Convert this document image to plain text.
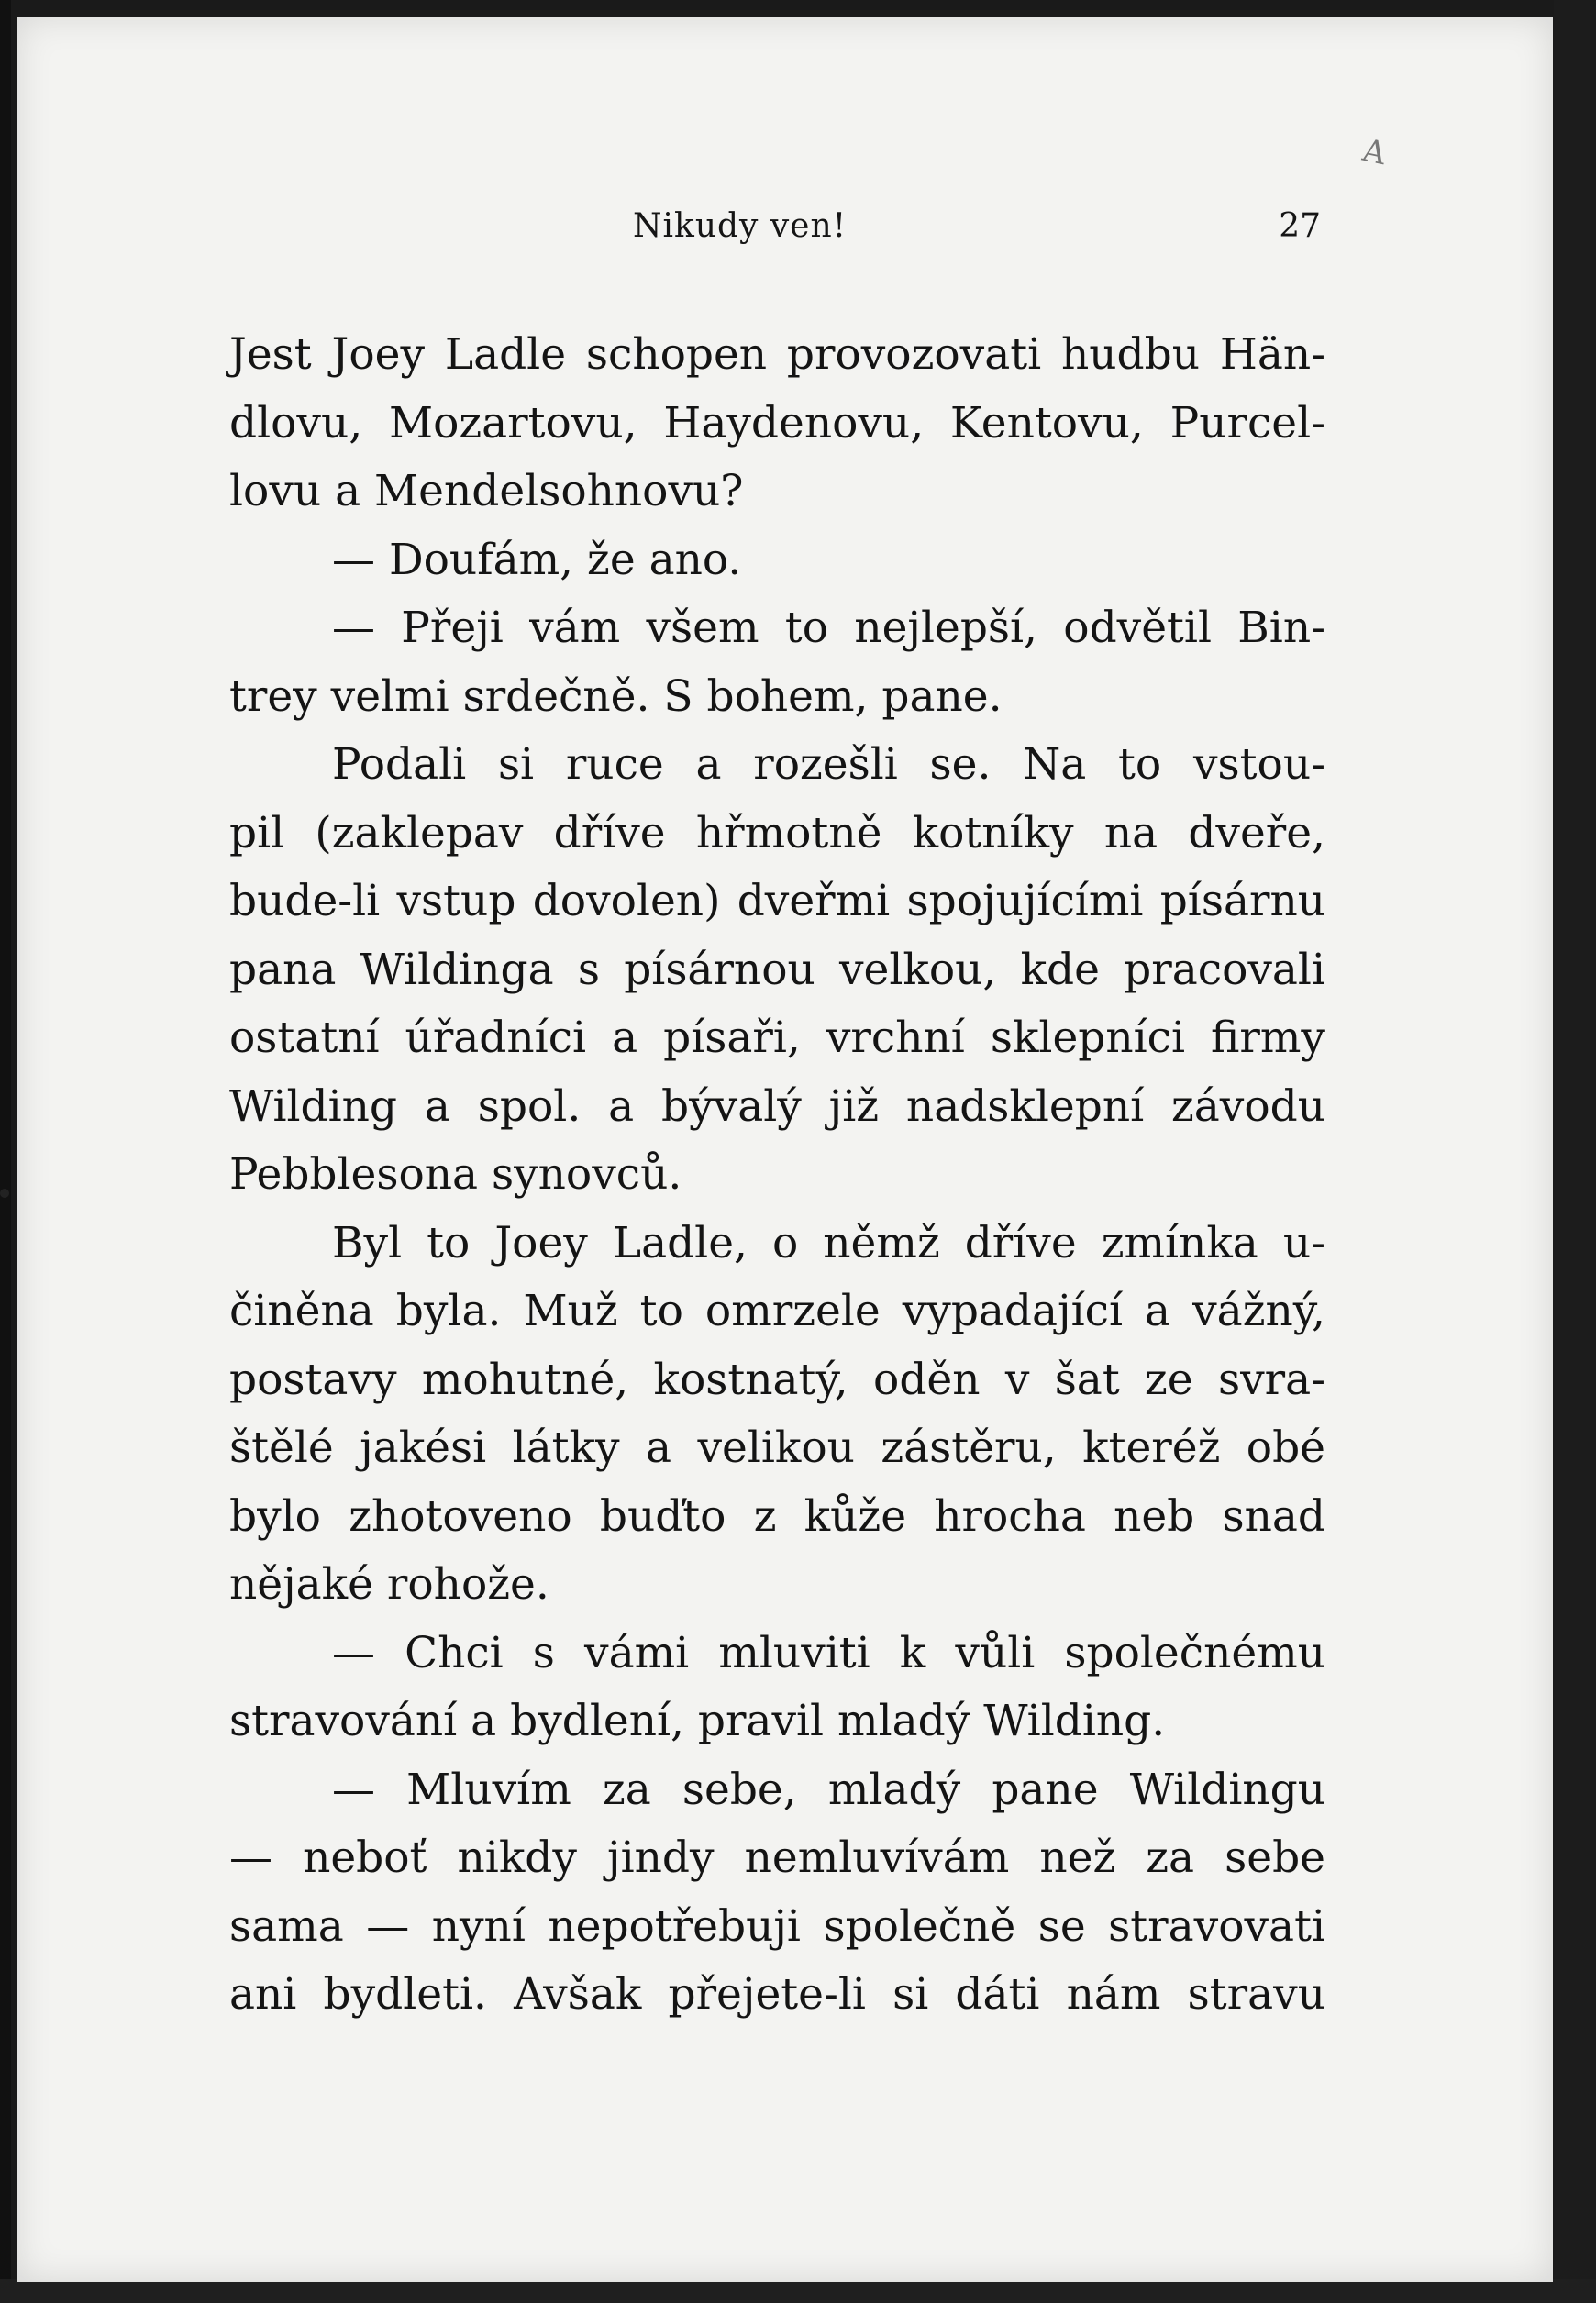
A
Nikudy ven!	27
Jest Joey Ladle schopen provozovati hudbu Hän-
dlovu, Mozartovu, Haydenovu, Kentovu, Purcel-
lovu a Mendelsohnovu?
— Doufám, že ano.
— Přeji vám všem to nejlepší, odvětil Bin-
trey velmi srdečně. S bohem, pane.
Podali si ruce a rozešli se. Na to vstou-
pil (zaklepav dříve hřmotně kotníky na dveře,
bude-li vstup dovolen) dveřmi spojujícími písárnu
pana Wildinga s písárnou velkou, kde pracovali
ostatní úřadníci a písaři, vrchní sklepníci firmy
Wilding a spol. a bývalý již nadsklepní závodu
Pebblesona synovců.
Byl to Joey Ladle, o němž dříve zmínka u-
činěna byla. Muž to omrzele vypadající a vážný,
postavy mohutné, kostnatý, oděn v šat ze svra-
štělé jakési látky a velikou zástěru, kteréž obé
bylo zhotoveno buďto z kůže hrocha neb snad
nějaké rohože.
— Chci s vámi mluviti k vůli společnému
stravování a bydlení, pravil mladý Wilding.
— Mluvím za sebe, mladý pane Wildingu
— neboť nikdy jindy nemluvívám než za sebe
sama — nyní nepotřebuji společně se stravovati
ani bydleti. Avšak přejete-li si dáti nám stravu
